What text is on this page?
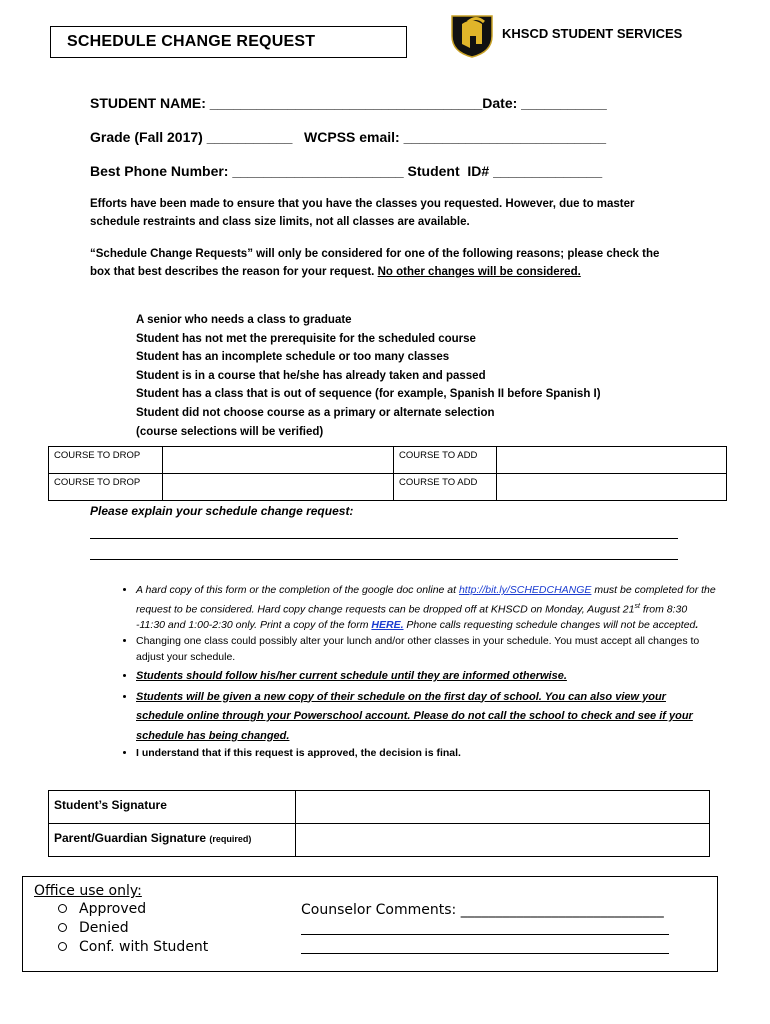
SCHEDULE CHANGE REQUEST	KHSCD STUDENT SERVICES
STUDENT NAME: ___________________________________Date: ___________
Grade (Fall 2017) ___________   WCPSS email: __________________________
Best Phone Number: ______________________ Student  ID# ______________
Efforts have been made to ensure that you have the classes you requested. However, due to master schedule restraints and class size limits, not all classes are available.
“Schedule Change Requests” will only be considered for one of the following reasons; please check the box that best describes the reason for your request. No other changes will be considered.
A senior who needs a class to graduate
Student has not met the prerequisite for the scheduled course
Student has an incomplete schedule or too many classes
Student is in a course that he/she has already taken and passed
Student has a class that is out of sequence (for example, Spanish II before Spanish I)
Student did not choose course as a primary or alternate selection
(course selections will be verified)
COURSE TO DROP		COURSE TO ADD	
COURSE TO DROP		COURSE TO ADD	
Please explain your schedule change request:
• A hard copy of this form or the completion of the google doc online at http://bit.ly/SCHEDCHANGE must be completed for the request to be considered. Hard copy change requests can be dropped off at KHSCD on Monday, August 21st from 8:30 -11:30 and 1:00-2:30 only. Print a copy of the form HERE. Phone calls requesting schedule changes will not be accepted.
• Changing one class could possibly alter your lunch and/or other classes in your schedule. You must accept all changes to adjust your schedule.
• Students should follow his/her current schedule until they are informed otherwise.
• Students will be given a new copy of their schedule on the first day of school. You can also view your schedule online through your Powerschool account. Please do not call the school to check and see if your schedule has being changed.
• I understand that if this request is approved, the decision is final.
Student’s Signature	
Parent/Guardian Signature (required)	
Office use only:
Approved
Denied
Conf. with Student
Counselor Comments: _____________________________
